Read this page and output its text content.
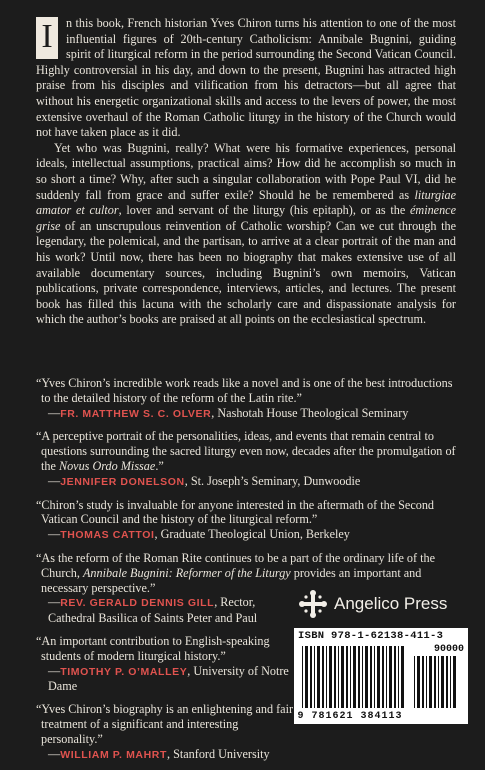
I	n this book, French historian Yves Chiron turns his attention to one of the most influential figures of 20th-century Catholicism: Annibale Bugnini, guiding spirit of liturgical reform in the period surrounding the Second Vatican Council. Highly controversial in his day, and down to the present, Bugnini has attracted high praise from his disciples and vilification from his detractors—but all agree that without his energetic organizational skills and access to the levers of power, the most extensive overhaul of the Roman Catholic liturgy in the history of the Church would not have taken place as it did.

Yet who was Bugnini, really? What were his formative experiences, personal ideals, intellectual assumptions, practical aims? How did he accomplish so much in so short a time? Why, after such a singular collaboration with Pope Paul VI, did he suddenly fall from grace and suffer exile? Should he be remembered as liturgiae amator et cultor, lover and servant of the liturgy (his epitaph), or as the éminence grise of an unscrupulous reinvention of Catholic worship? Can we cut through the legendary, the polemical, and the partisan, to arrive at a clear portrait of the man and his work? Until now, there has been no biography that makes extensive use of all available documentary sources, including Bugnini’s own memoirs, Vatican publications, private correspondence, interviews, articles, and lectures. The present book has filled this lacuna with the scholarly care and dispassionate analysis for which the author’s books are praised at all points on the ecclesiastical spectrum.

“Yves Chiron’s incredible work reads like a novel and is one of the best introductions to the detailed history of the reform of the Latin rite.”
—FR. MATTHEW S. C. OLVER, Nashotah House Theological Seminary
“A perceptive portrait of the personalities, ideas, and events that remain central to questions surrounding the sacred liturgy even now, decades after the promulgation of the Novus Ordo Missae.”
—JENNIFER DONELSON, St. Joseph’s Seminary, Dunwoodie
“Chiron’s study is invaluable for anyone interested in the aftermath of the Second Vatican Council and the history of the liturgical reform.”
—THOMAS CATTOI, Graduate Theological Union, Berkeley
“As the reform of the Roman Rite continues to be a part of the ordinary life of the Church, Annibale Bugnini: Reformer of the Liturgy provides an important and necessary perspective.”
—REV. GERALD DENNIS GILL, Rector, Cathedral Basilica of Saints Peter and Paul
“An important contribution to English-speaking students of modern liturgical history.”
—TIMOTHY P. O’MALLEY, University of Notre Dame
“Yves Chiron’s biography is an enlightening and fair treatment of a significant and interesting personality.”
—WILLIAM P. MAHRT, Stanford University
Angelico Press
ISBN 978-1-62138-411-3
90000
9 781621 384113
